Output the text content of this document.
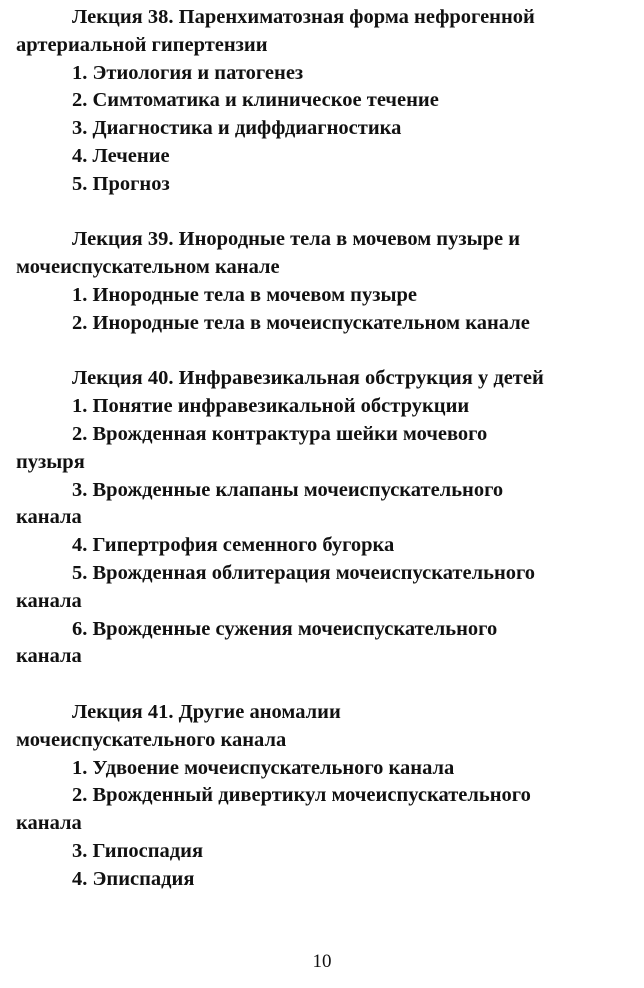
Лекция 38. Паренхиматозная форма нефрогенной
артериальной гипертензии
1. Этиология и патогенез
2. Симтоматика и клиническое течение
3. Диагностика и диффдиагностика
4. Лечение
5. Прогноз
Лекция 39. Инородные тела в мочевом пузыре и
мочеиспускательном канале
1. Инородные тела в мочевом пузыре
2. Инородные тела в мочеиспускательном канале
Лекция 40. Инфравезикальная обструкция у детей
1. Понятие инфравезикальной обструкции
2. Врожденная контрактура шейки мочевого
пузыря
3. Врожденные клапаны мочеиспускательного
канала
4. Гипертрофия семенного бугорка
5. Врожденная облитерация мочеиспускательного
канала
6. Врожденные сужения мочеиспускательного
канала
Лекция 41. Другие аномалии
мочеиспускательного канала
1. Удвоение мочеиспускательного канала
2. Врожденный дивертикул мочеиспускательного
канала
3. Гипоспадия
4. Эписпадия
10
